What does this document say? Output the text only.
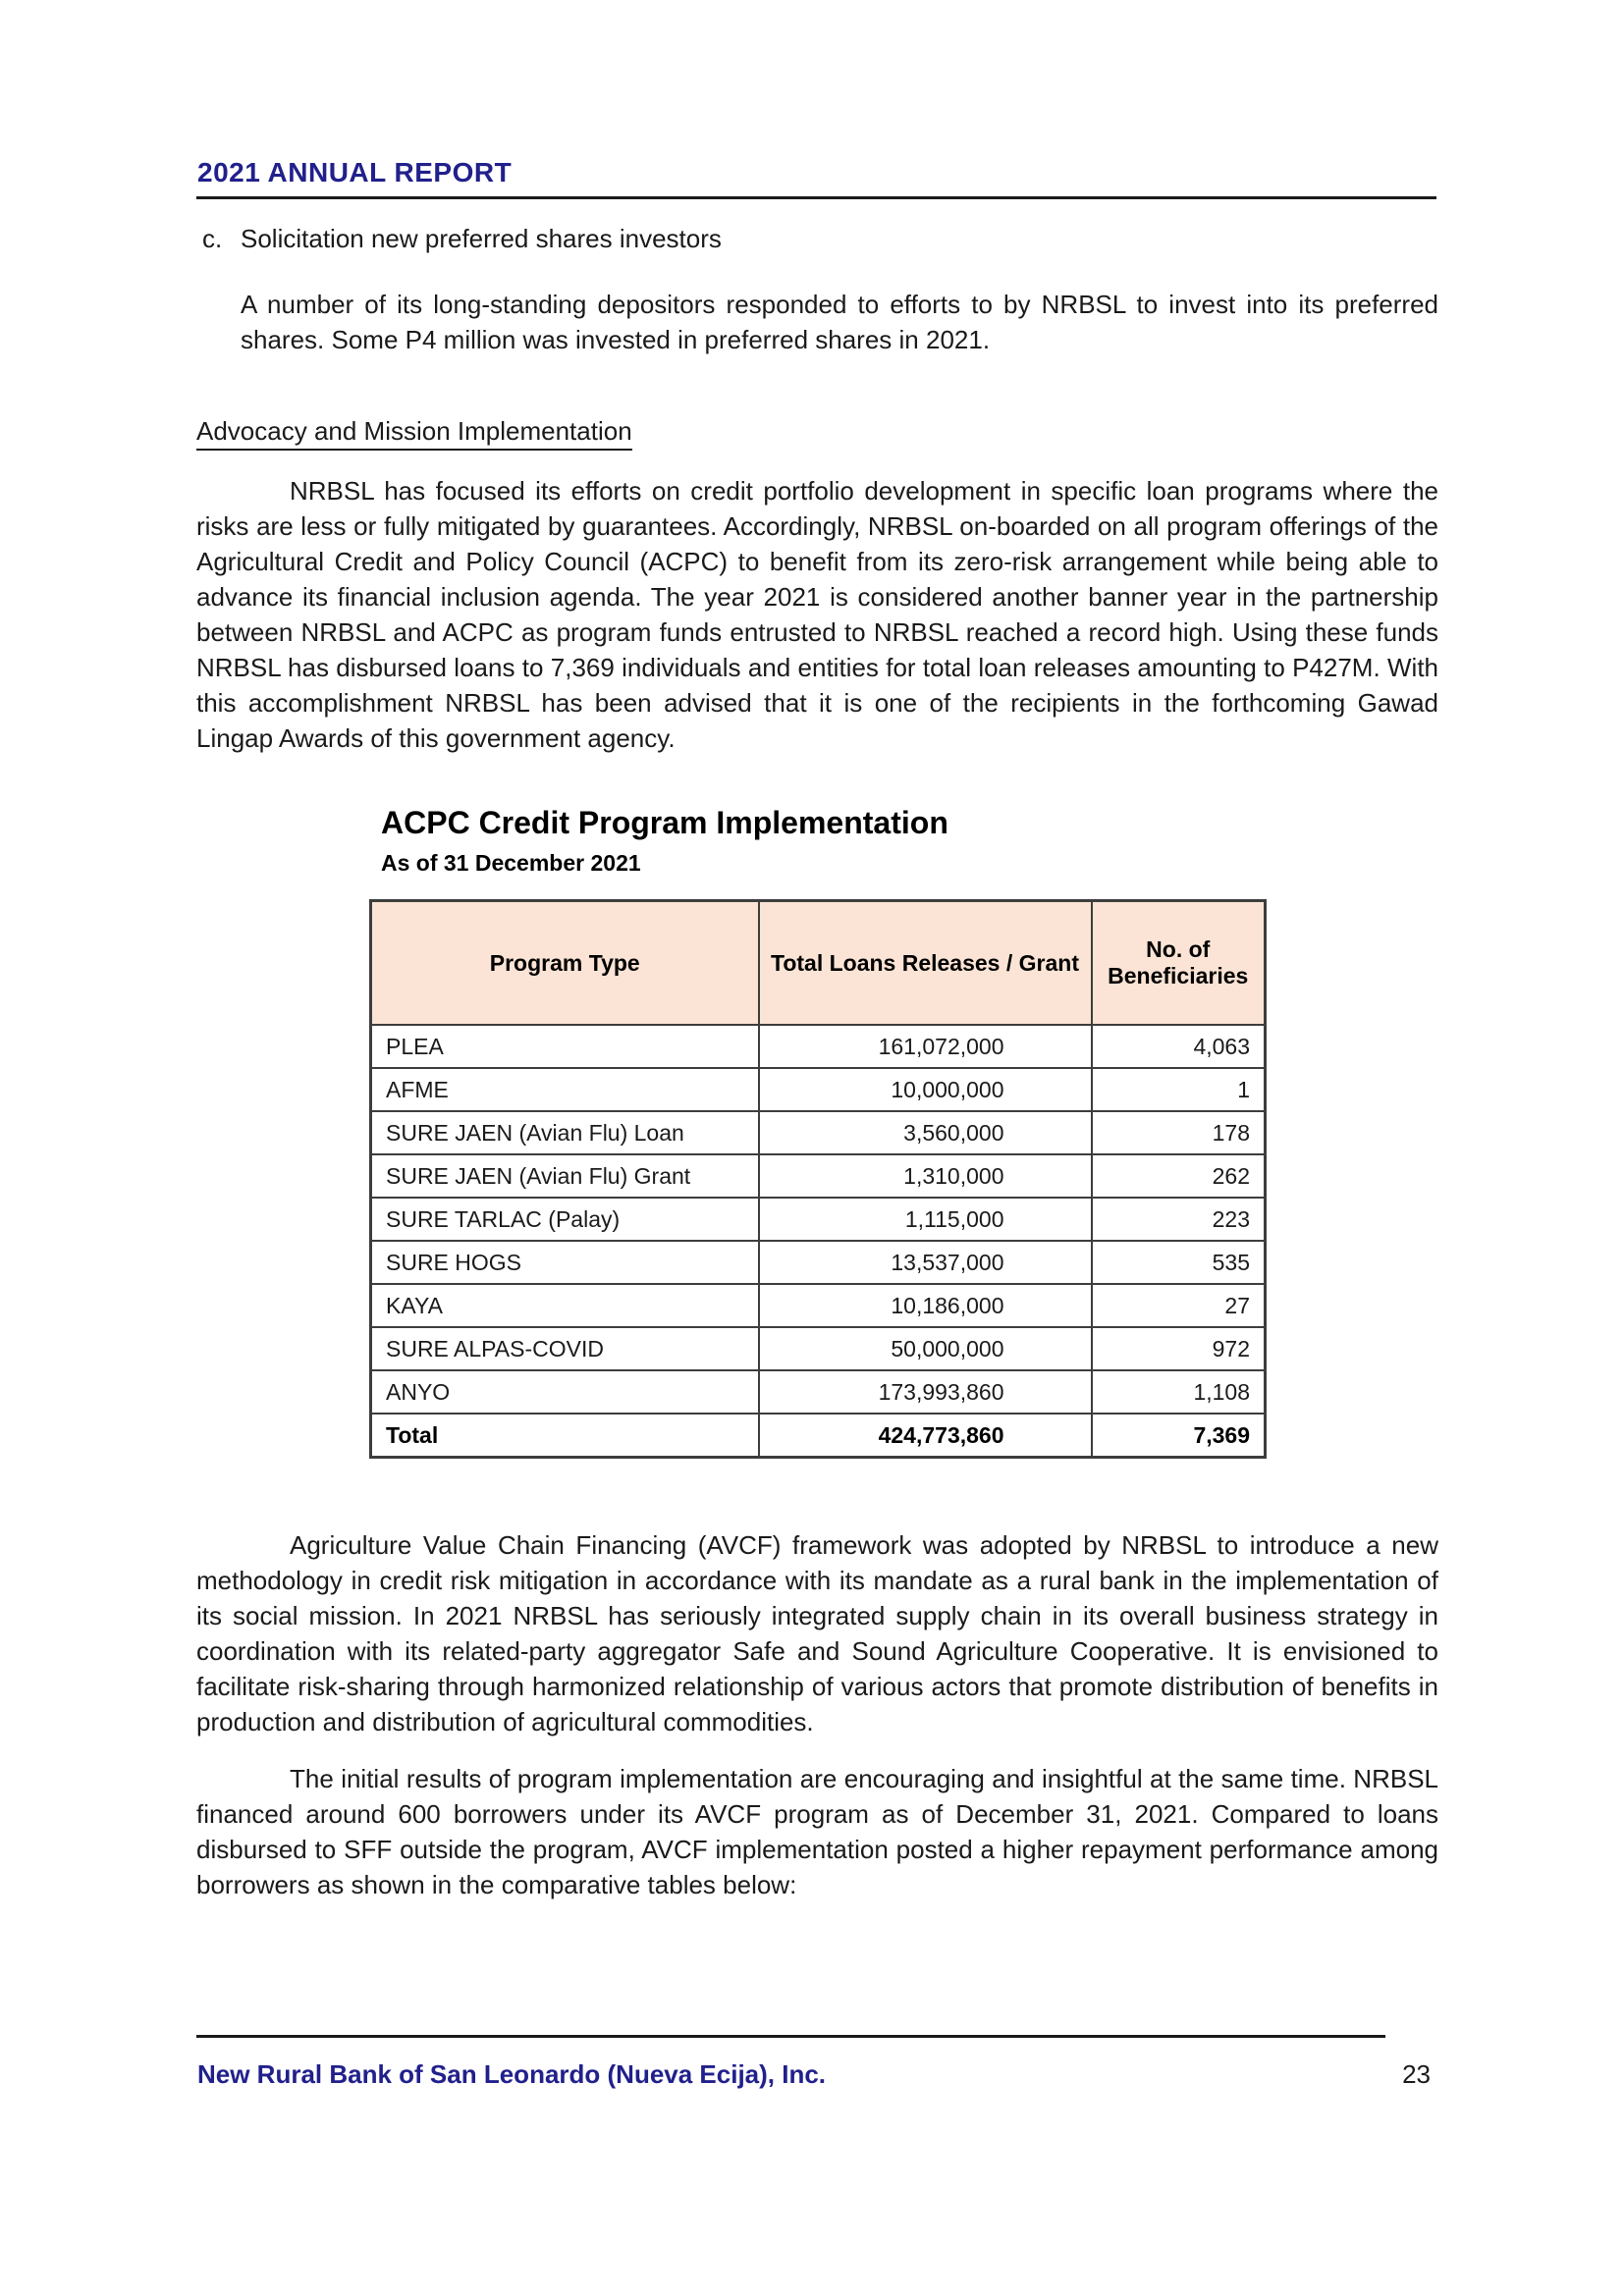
2021 ANNUAL REPORT
c. Solicitation new preferred shares investors
A number of its long-standing depositors responded to efforts to by NRBSL to invest into its preferred shares. Some P4 million was invested in preferred shares in 2021.
Advocacy and Mission Implementation
NRBSL has focused its efforts on credit portfolio development in specific loan programs where the risks are less or fully mitigated by guarantees. Accordingly, NRBSL on-boarded on all program offerings of the Agricultural Credit and Policy Council (ACPC) to benefit from its zero-risk arrangement while being able to advance its financial inclusion agenda. The year 2021 is considered another banner year in the partnership between NRBSL and ACPC as program funds entrusted to NRBSL reached a record high. Using these funds NRBSL has disbursed loans to 7,369 individuals and entities for total loan releases amounting to P427M. With this accomplishment NRBSL has been advised that it is one of the recipients in the forthcoming Gawad Lingap Awards of this government agency.
ACPC Credit Program Implementation
As of 31 December 2021
Program Type	Total Loans Releases / Grant	No. of Beneficiaries
PLEA	161,072,000	4,063
AFME	10,000,000	1
SURE JAEN (Avian Flu) Loan	3,560,000	178
SURE JAEN (Avian Flu) Grant	1,310,000	262
SURE TARLAC (Palay)	1,115,000	223
SURE HOGS	13,537,000	535
KAYA	10,186,000	27
SURE ALPAS-COVID	50,000,000	972
ANYO	173,993,860	1,108
Total	424,773,860	7,369
Agriculture Value Chain Financing (AVCF) framework was adopted by NRBSL to introduce a new methodology in credit risk mitigation in accordance with its mandate as a rural bank in the implementation of its social mission. In 2021 NRBSL has seriously integrated supply chain in its overall business strategy in coordination with its related-party aggregator Safe and Sound Agriculture Cooperative. It is envisioned to facilitate risk-sharing through harmonized relationship of various actors that promote distribution of benefits in production and distribution of agricultural commodities.
The initial results of program implementation are encouraging and insightful at the same time. NRBSL financed around 600 borrowers under its AVCF program as of December 31, 2021. Compared to loans disbursed to SFF outside the program, AVCF implementation posted a higher repayment performance among borrowers as shown in the comparative tables below:
New Rural Bank of San Leonardo (Nueva Ecija), Inc.	23
